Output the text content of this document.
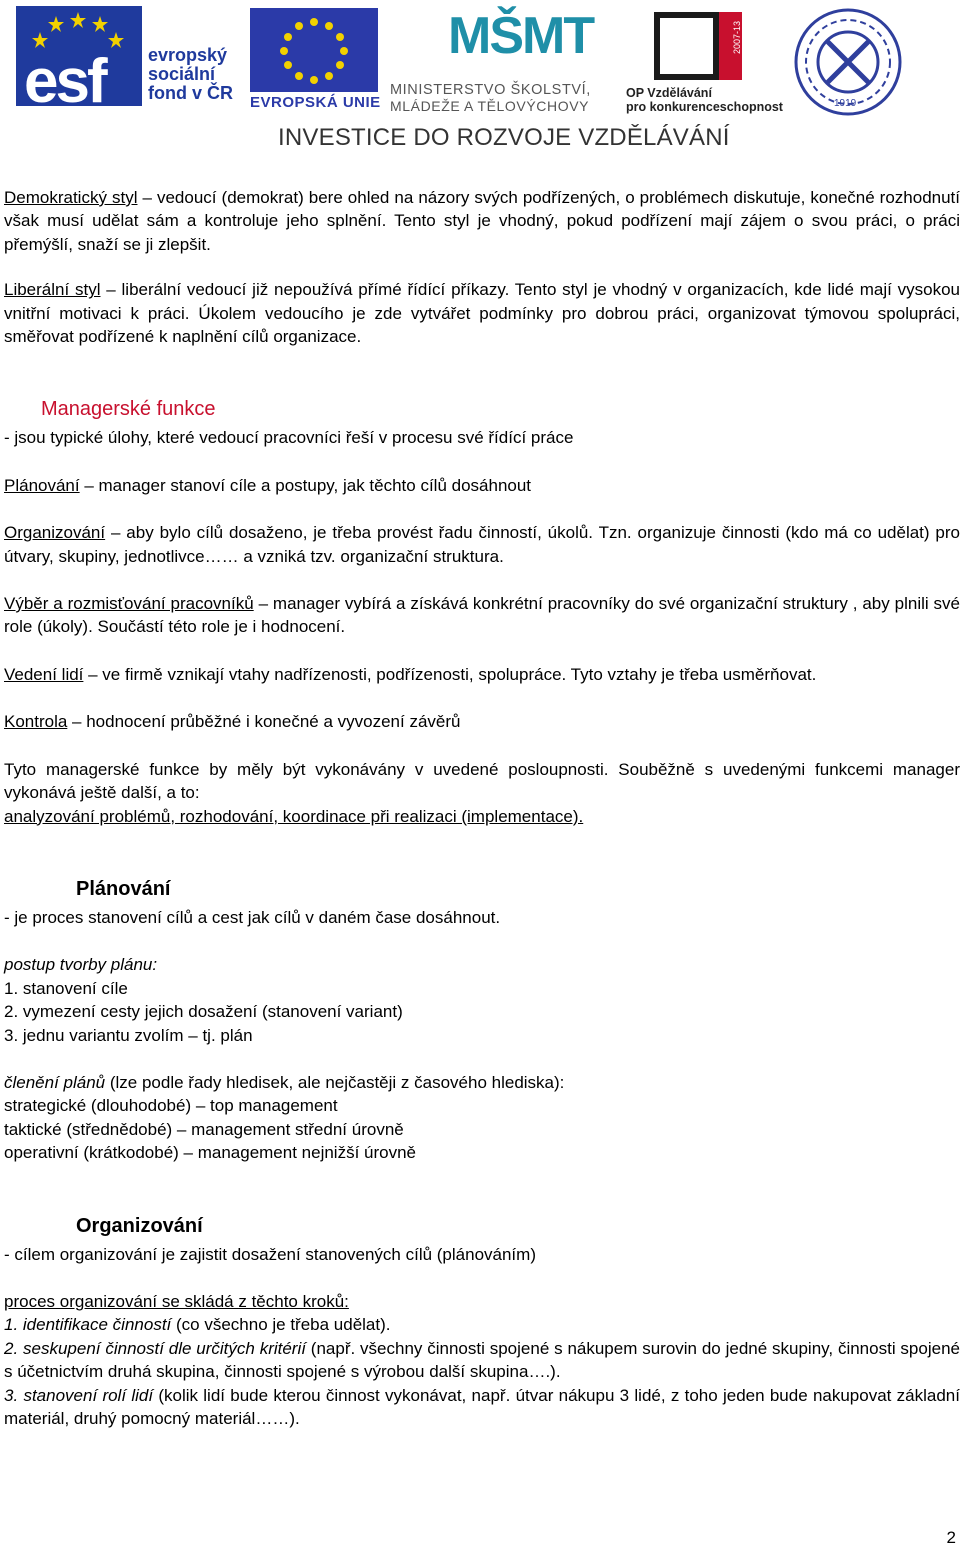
esf evropský
sociální
fond v ČR EVROPSKÁ UNIE
MŠMT
MINISTERSTVO ŠKOLSTVÍ,
MLÁDEŽE A TĚLOVÝCHOVY
2007-13
OP Vzdělávání
pro konkurenceschopnost	1919
INVESTICE DO ROZVOJE VZDĚLÁVÁNÍ

Demokratický styl – vedoucí (demokrat) bere ohled na názory svých podřízených, o problémech diskutuje, konečné rozhodnutí však musí udělat sám a kontroluje jeho splnění. Tento styl je vhodný, pokud podřízení mají zájem o svou práci, o práci přemýšlí, snaží se ji zlepšit.

Liberální styl – liberální vedoucí již nepoužívá přímé řídící příkazy. Tento styl je vhodný v organizacích, kde lidé mají vysokou vnitřní motivaci k práci. Úkolem vedoucího je zde vytvářet podmínky pro dobrou práci, organizovat týmovou spolupráci, směřovat podřízené k naplnění cílů organizace.

Managerské funkce

- jsou typické úlohy, které vedoucí pracovníci řeší v procesu své řídící práce

Plánování – manager stanoví cíle a postupy, jak těchto cílů dosáhnout

Organizování – aby bylo cílů dosaženo, je třeba provést řadu činností, úkolů. Tzn. organizuje činnosti (kdo má co udělat) pro útvary, skupiny, jednotlivce…… a vzniká tzv. organizační struktura.

Výběr a rozmisťování pracovníků – manager vybírá a získává konkrétní pracovníky do své organizační struktury , aby plnili své role (úkoly). Součástí této role je i hodnocení.

Vedení lidí – ve firmě vznikají vtahy nadřízenosti, podřízenosti, spolupráce. Tyto vztahy je třeba usměrňovat.

Kontrola – hodnocení průběžné i konečné a vyvození závěrů

Tyto managerské funkce by měly být vykonávány v uvedené posloupnosti. Souběžně s uvedenými funkcemi manager vykonává ještě další, a to:
analyzování problémů, rozhodování, koordinace při realizaci (implementace).

Plánování

- je proces stanovení cílů a cest jak cílů v daném čase dosáhnout.

postup tvorby plánu:
1. stanovení cíle
2. vymezení cesty jejich dosažení (stanovení variant)
3. jednu variantu zvolím – tj. plán

členění plánů (lze podle řady hledisek, ale nejčastěji z časového hlediska):
strategické (dlouhodobé) – top management
taktické (střednědobé) – management střední úrovně
operativní (krátkodobé) – management nejnižší úrovně

Organizování

- cílem organizování je zajistit dosažení stanovených cílů (plánováním)

proces organizování se skládá z těchto kroků:
1. identifikace činností (co všechno je třeba udělat).
2. seskupení činností dle určitých kritérií (např. všechny činnosti spojené s nákupem surovin do jedné skupiny, činnosti spojené s účetnictvím druhá skupina, činnosti spojené s výrobou další skupina….).
3. stanovení rolí lidí (kolik lidí bude kterou činnost vykonávat, např. útvar nákupu 3 lidé, z toho jeden bude nakupovat základní materiál, druhý pomocný materiál……).

2
